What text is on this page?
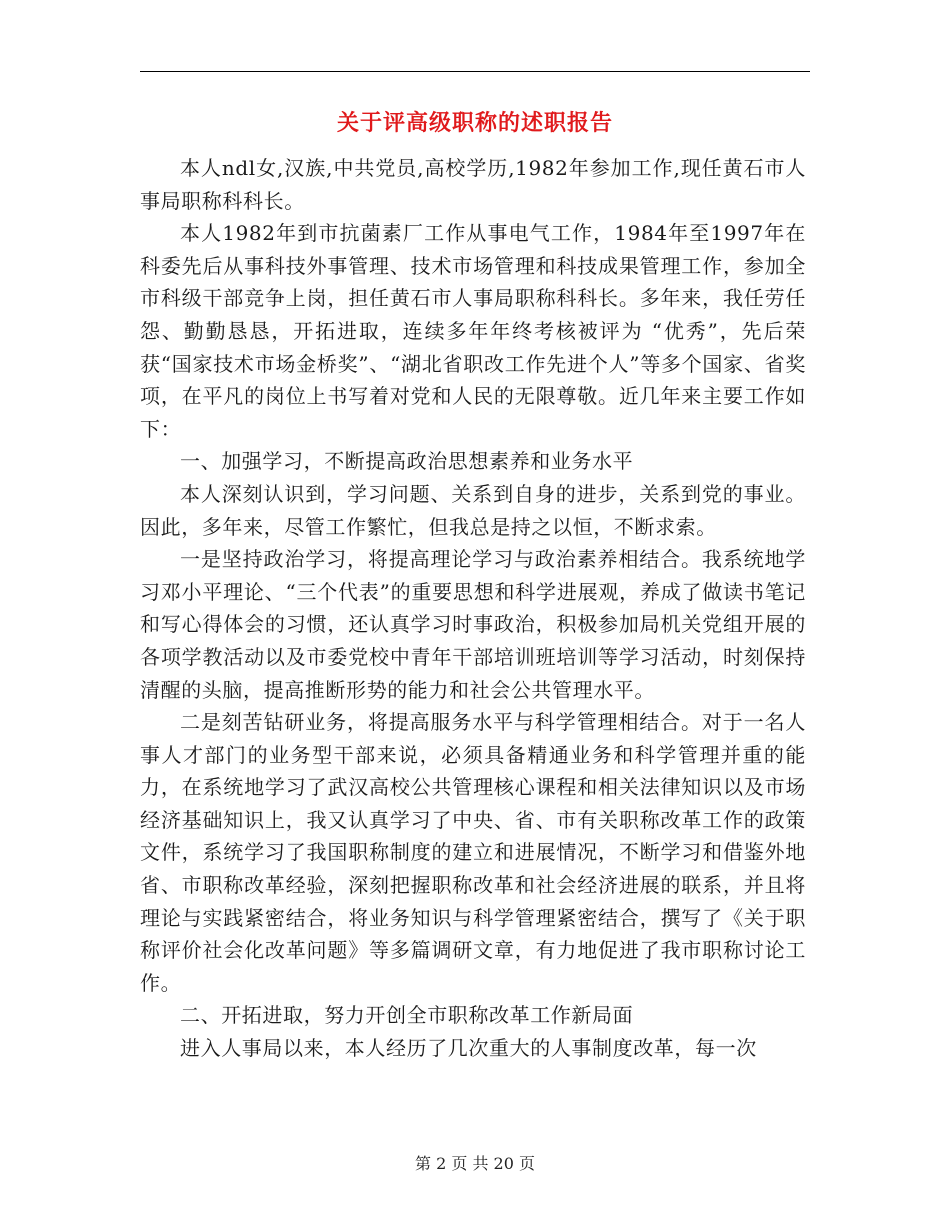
关于评高级职称的述职报告

本人ndl女,汉族,中共党员,高校学历,1982年参加工作,现任黄石市人事局职称科科长。

本人1982年到市抗菌素厂工作从事电气工作，1984年至1997年在科委先后从事科技外事管理、技术市场管理和科技成果管理工作，参加全市科级干部竞争上岗，担任黄石市人事局职称科科长。多年来，我任劳任怨、勤勤恳恳，开拓进取，连续多年年终考核被评为 “优秀”，先后荣获“国家技术市场金桥奖”、“湖北省职改工作先进个人”等多个国家、省奖项，在平凡的岗位上书写着对党和人民的无限尊敬。近几年来主要工作如下：

一、加强学习，不断提高政治思想素养和业务水平

本人深刻认识到，学习问题、关系到自身的进步，关系到党的事业。因此，多年来，尽管工作繁忙，但我总是持之以恒，不断求索。

一是坚持政治学习，将提高理论学习与政治素养相结合。我系统地学习邓小平理论、“三个代表”的重要思想和科学进展观，养成了做读书笔记和写心得体会的习惯，还认真学习时事政治，积极参加局机关党组开展的各项学教活动以及市委党校中青年干部培训班培训等学习活动，时刻保持清醒的头脑，提高推断形势的能力和社会公共管理水平。

二是刻苦钻研业务，将提高服务水平与科学管理相结合。对于一名人事人才部门的业务型干部来说，必须具备精通业务和科学管理并重的能力，在系统地学习了武汉高校公共管理核心课程和相关法律知识以及市场经济基础知识上，我又认真学习了中央、省、市有关职称改革工作的政策文件，系统学习了我国职称制度的建立和进展情况，不断学习和借鉴外地省、市职称改革经验，深刻把握职称改革和社会经济进展的联系，并且将理论与实践紧密结合，将业务知识与科学管理紧密结合，撰写了《关于职称评价社会化改革问题》等多篇调研文章，有力地促进了我市职称讨论工作。

二、开拓进取，努力开创全市职称改革工作新局面

进入人事局以来，本人经历了几次重大的人事制度改革，每一次

第 2 页 共 20 页
